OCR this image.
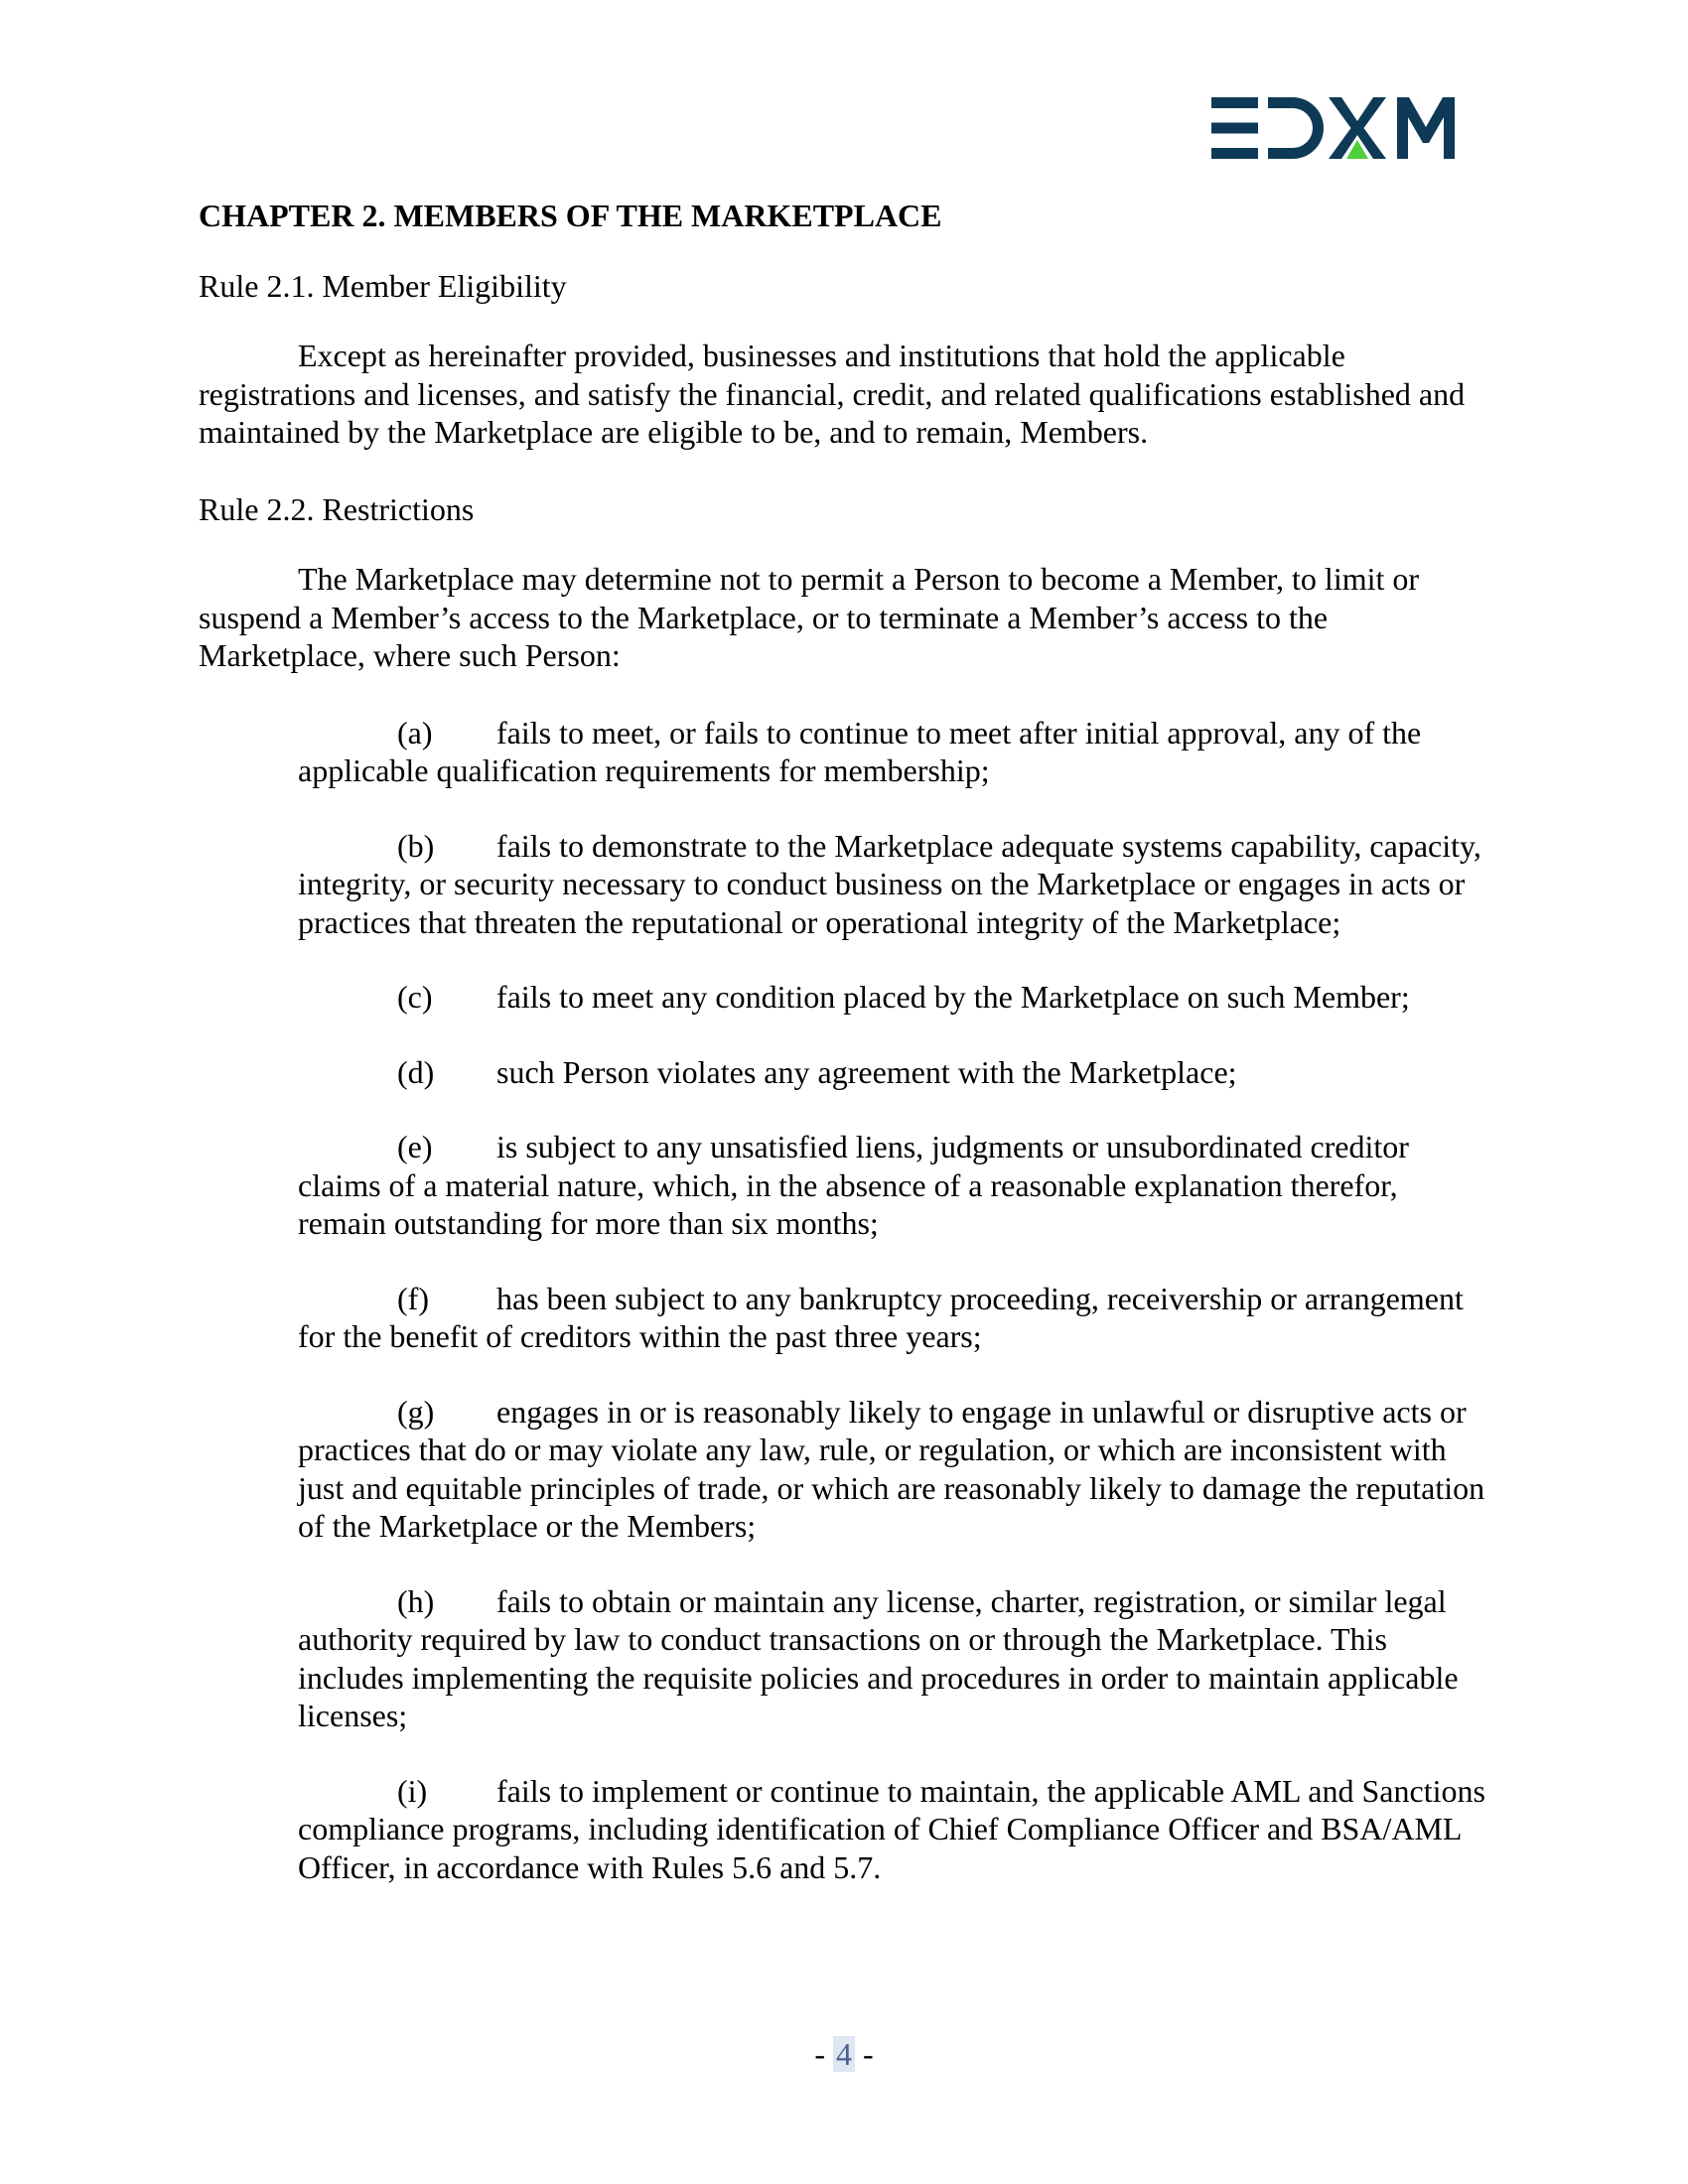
CHAPTER 2. MEMBERS OF THE MARKETPLACE
Rule 2.1. Member Eligibility
Except as hereinafter provided, businesses and institutions that hold the applicable registrations and licenses, and satisfy the financial, credit, and related qualifications established and maintained by the Marketplace are eligible to be, and to remain, Members.
Rule 2.2. Restrictions
The Marketplace may determine not to permit a Person to become a Member, to limit or suspend a Member’s access to the Marketplace, or to terminate a Member’s access to the Marketplace, where such Person:
(a) fails to meet, or fails to continue to meet after initial approval, any of the applicable qualification requirements for membership;
(b) fails to demonstrate to the Marketplace adequate systems capability, capacity, integrity, or security necessary to conduct business on the Marketplace or engages in acts or practices that threaten the reputational or operational integrity of the Marketplace;
(c) fails to meet any condition placed by the Marketplace on such Member;
(d) such Person violates any agreement with the Marketplace;
(e) is subject to any unsatisfied liens, judgments or unsubordinated creditor claims of a material nature, which, in the absence of a reasonable explanation therefor, remain outstanding for more than six months;
(f) has been subject to any bankruptcy proceeding, receivership or arrangement for the benefit of creditors within the past three years;
(g) engages in or is reasonably likely to engage in unlawful or disruptive acts or practices that do or may violate any law, rule, or regulation, or which are inconsistent with just and equitable principles of trade, or which are reasonably likely to damage the reputation of the Marketplace or the Members;
(h) fails to obtain or maintain any license, charter, registration, or similar legal authority required by law to conduct transactions on or through the Marketplace. This includes implementing the requisite policies and procedures in order to maintain applicable licenses;
(i) fails to implement or continue to maintain, the applicable AML and Sanctions compliance programs, including identification of Chief Compliance Officer and BSA/AML Officer, in accordance with Rules 5.6 and 5.7.
- 4 -
